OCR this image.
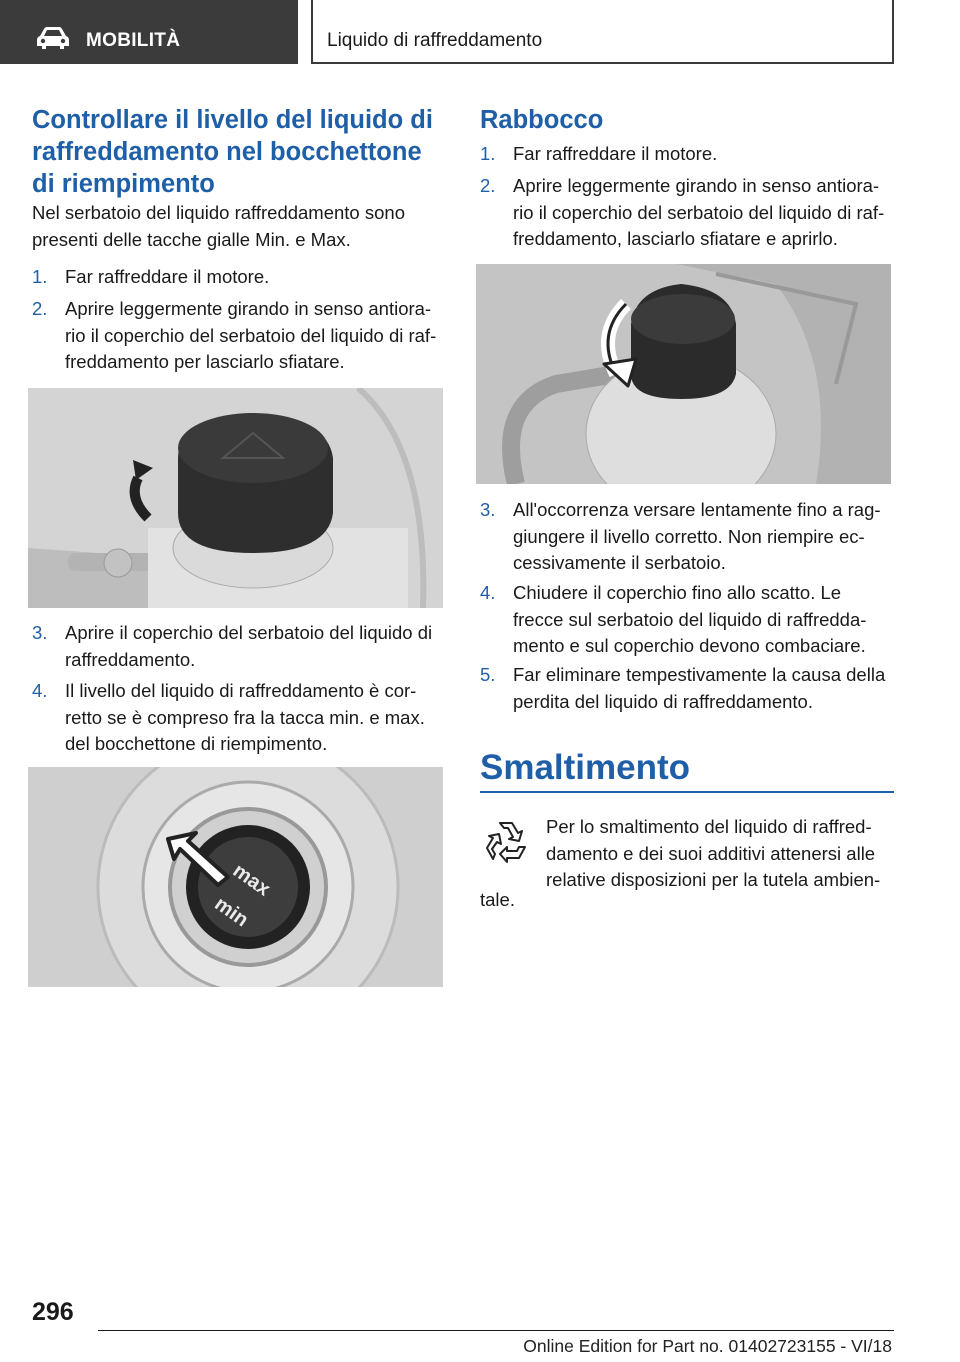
MOBILITÀ	Liquido di raffreddamento
Controllare il livello del liquido di
raffreddamento nel bocchettone
di riempimento
Nel serbatoio del liquido raffreddamento sono
presenti delle tacche gialle Min. e Max.
1. Far raffreddare il motore.
2. Aprire leggermente girando in senso antiora-
rio il coperchio del serbatoio del liquido di raf-
freddamento per lasciarlo sfiatare.
3. Aprire il coperchio del serbatoio del liquido di
raffreddamento.
4. Il livello del liquido di raffreddamento è cor-
retto se è compreso fra la tacca min. e max.
del bocchettone di riempimento.
max
min
Rabbocco
1. Far raffreddare il motore.
2. Aprire leggermente girando in senso antiora-
rio il coperchio del serbatoio del liquido di raf-
freddamento, lasciarlo sfiatare e aprirlo.
3. All'occorrenza versare lentamente fino a rag-
giungere il livello corretto. Non riempire ec-
cessivamente il serbatoio.
4. Chiudere il coperchio fino allo scatto. Le
frecce sul serbatoio del liquido di raffredda-
mento e sul coperchio devono combaciare.
5. Far eliminare tempestivamente la causa della
perdita del liquido di raffreddamento.
Smaltimento
Per lo smaltimento del liquido di raffred-
damento e dei suoi additivi attenersi alle
relative disposizioni per la tutela ambien-
tale.
296
Online Edition for Part no. 01402723155 - VI/18
